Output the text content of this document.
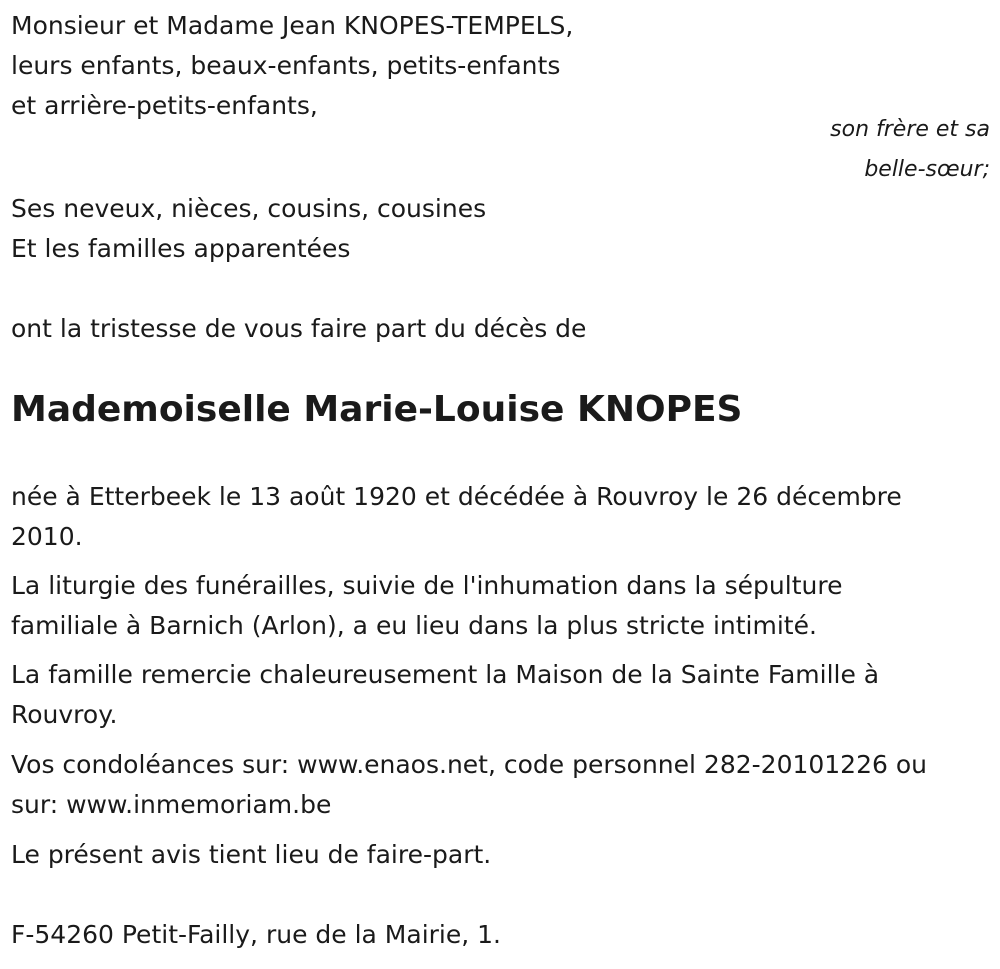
Monsieur et Madame Jean KNOPES-TEMPELS,
leurs enfants, beaux-enfants, petits-enfants
et arrière-petits-enfants,
son frère et sa
belle-sœur;
Ses neveux, nièces, cousins, cousines
Et les familles apparentées
ont la tristesse de vous faire part du décès de
Mademoiselle Marie-Louise KNOPES
née à Etterbeek le 13 août 1920 et décédée à Rouvroy le 26 décembre
2010.
La liturgie des funérailles, suivie de l'inhumation dans la sépulture
familiale à Barnich (Arlon), a eu lieu dans la plus stricte intimité.
La famille remercie chaleureusement la Maison de la Sainte Famille à
Rouvroy.
Vos condoléances sur: www.enaos.net, code personnel 282-20101226 ou
sur: www.inmemoriam.be
Le présent avis tient lieu de faire-part.
F-54260 Petit-Failly, rue de la Mairie, 1.
